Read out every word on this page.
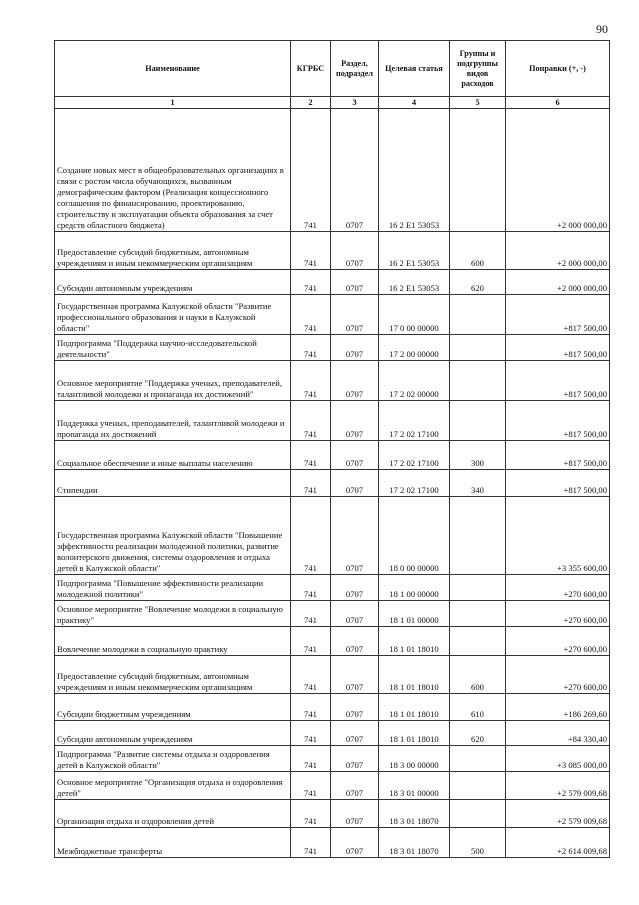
90
Наименование	КГРБС	Раздел, подраздел	Целевая статья	Группы и подгруппы видов расходов	Поправки (+, -)
1	2	3	4	5	6
Создание новых мест в общеобразовательных организациях в связи с ростом числа обучающихся, вызванным демографическим фактором (Реализация концессионного соглашения по финансированию, проектированию, строительству и эксплуатации объекта образования за счет средств областного бюджета)	741	0707	16 2 E1 53053		+2 000 000,00
Предоставление субсидий бюджетным, автономным учреждениям и иным некоммерческим организациям	741	0707	16 2 E1 53053	600	+2 000 000,00
Субсидии автономным учреждениям	741	0707	16 2 E1 53053	620	+2 000 000,00
Государственная программа Калужской области "Развитие профессионального образования и науки в Калужской области"	741	0707	17 0 00 00000		+817 500,00
Подпрограмма "Поддержка научно-исследовательской деятельности"	741	0707	17 2 00 00000		+817 500,00
Основное мероприятие "Поддержка ученых, преподавателей, талантливой молодежи и пропаганда их достижений"	741	0707	17 2 02 00000		+817 500,00
Поддержка ученых, преподавателей, талантливой молодежи и пропаганда их достижений	741	0707	17 2 02 17100		+817 500,00
Социальное обеспечение и иные выплаты населению	741	0707	17 2 02 17100	300	+817 500,00
Стипендии	741	0707	17 2 02 17100	340	+817 500,00
Государственная программа Калужской области "Повышение эффективности реализации молодежной политики, развитие волонтерского движения, системы оздоровления и отдыха детей в Калужской области"	741	0707	18 0 00 00000		+3 355 600,00
Подпрограмма "Повышение эффективности реализации молодежной политики"	741	0707	18 1 00 00000		+270 600,00
Основное мероприятие "Вовлечение молодежи в социальную практику"	741	0707	18 1 01 00000		+270 600,00
Вовлечение молодежи в социальную практику	741	0707	18 1 01 18010		+270 600,00
Предоставление субсидий бюджетным, автономным учреждениям и иным некоммерческим организациям	741	0707	18 1 01 18010	600	+270 600,00
Субсидии бюджетным учреждениям	741	0707	18 1 01 18010	610	+186 269,60
Субсидии автономным учреждениям	741	0707	18 1 01 18010	620	+84 330,40
Подпрограмма "Развитие системы отдыха и оздоровления детей в Калужской области"	741	0707	18 3 00 00000		+3 085 000,00
Основное мероприятие "Организация отдыха и оздоровления детей"	741	0707	18 3 01 00000		+2 579 009,68
Организация отдыха и оздоровления детей	741	0707	18 3 01 18070		+2 579 009,68
Межбюджетные трансферты	741	0707	18 3 01 18070	500	+2 614 009,68
